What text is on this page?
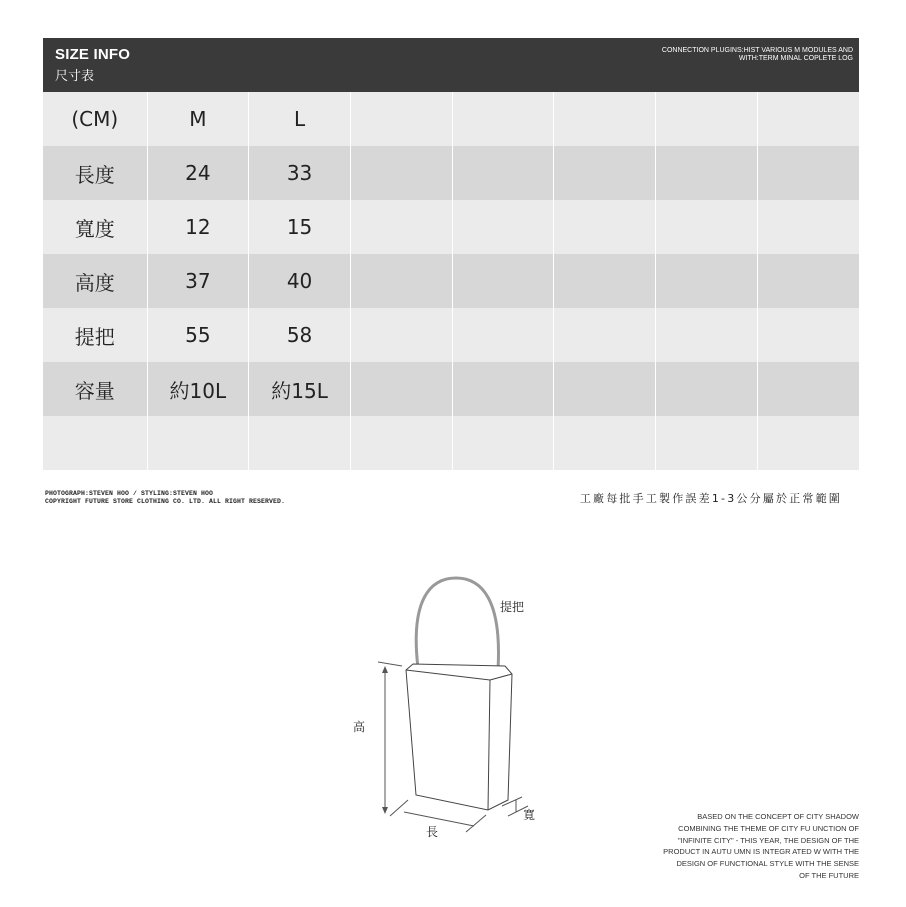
SIZE INFO
尺寸表
CONNECTION PLUGINS:HIST VARIOUS M MODULES AND
WITH:TERM MINAL COPLETE LOG
(CM)	M	L					
長度	24	33					
寬度	12	15					
高度	37	40					
提把	55	58					
容量	約10L	約15L					

PHOTOGRAPH:STEVEN HOO / STYLING:STEVEN HOO
COPYRIGHT FUTURE STORE CLOTHING CO. LTD. ALL RIGHT RESERVED.	工廠每批手工製作誤差1-3公分屬於正常範圍
高
提把
長
寬	BASED ON THE CONCEPT OF CITY SHADOW
COMBINING THE THEME OF CITY FU UNCTION OF
"INFINITE CITY" - THIS YEAR, THE DESIGN OF THE
PRODUCT IN AUTU UMN IS INTEGR ATED W WITH THE
DESIGN OF FUNCTIONAL STYLE WITH THE SENSE
OF THE FUTURE
